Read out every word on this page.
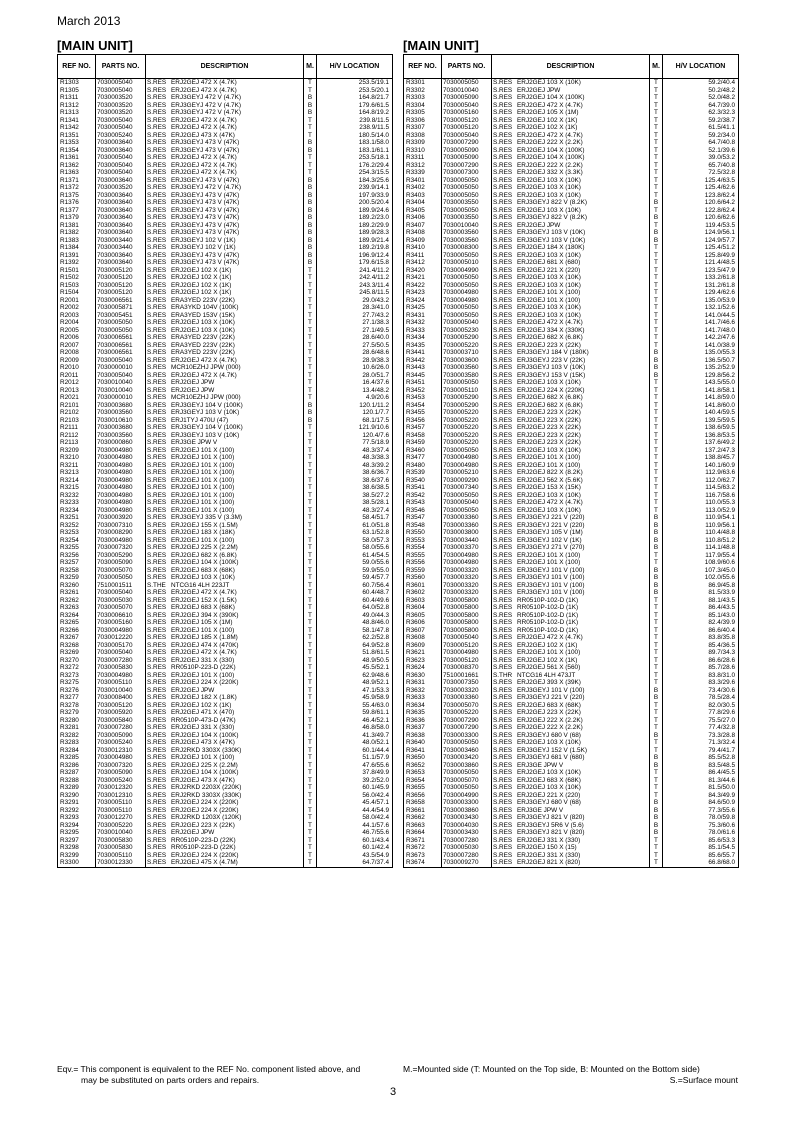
March 2013
[MAIN UNIT]
REF NO.	PARTS NO.	DESCRIPTION	M.	H/V LOCATION
R1303	7030005040	S.RES ERJ2GEJ 472 X (4.7K)	T	253.5/19.1
R1305	7030005040	S.RES ERJ2GEJ 472 X (4.7K)	T	253.5/20.1
R1311	7030003520	S.RES ERJ3GEYJ 472 V (4.7K)	B	164.8/21.7
R1312	7030003520	S.RES ERJ3GEYJ 472 V (4.7K)	B	179.6/61.5
R1313	7030003520	S.RES ERJ3GEYJ 472 V (4.7K)	B	164.8/19.2
R1341	7030005040	S.RES ERJ2GEJ 472 X (4.7K)	T	239.8/11.5
R1342	7030005040	S.RES ERJ2GEJ 472 X (4.7K)	T	238.9/11.5
R1351	7030005240	S.RES ERJ2GEJ 473 X (47K)	T	180.5/14.0
R1353	7030003640	S.RES ERJ3GEYJ 473 V (47K)	B	183.1/58.0
R1354	7030003640	S.RES ERJ3GEYJ 473 V (47K)	B	183.1/61.1
R1361	7030005040	S.RES ERJ2GEJ 472 X (4.7K)	T	253.5/18.1
R1362	7030005040	S.RES ERJ2GEJ 472 X (4.7K)	T	176.2/29.4
R1363	7030005040	S.RES ERJ2GEJ 472 X (4.7K)	T	254.3/15.5
R1371	7030003640	S.RES ERJ3GEYJ 473 V (47K)	B	184.3/25.6
R1372	7030003520	S.RES ERJ3GEYJ 472 V (4.7K)	B	239.9/14.1
R1375	7030003640	S.RES ERJ3GEYJ 473 V (47K)	B	197.9/33.9
R1376	7030003640	S.RES ERJ3GEYJ 473 V (47K)	B	200.5/20.4
R1377	7030003640	S.RES ERJ3GEYJ 473 V (47K)	B	189.9/24.6
R1379	7030003640	S.RES ERJ3GEYJ 473 V (47K)	B	189.2/23.0
R1381	7030003640	S.RES ERJ3GEYJ 473 V (47K)	B	189.2/29.9
R1382	7030003640	S.RES ERJ3GEYJ 473 V (47K)	B	189.9/28.3
R1383	7030003440	S.RES ERJ3GEYJ 102 V (1K)	B	189.9/21.4
R1384	7030003440	S.RES ERJ3GEYJ 102 V (1K)	B	189.2/19.8
R1391	7030003640	S.RES ERJ3GEYJ 473 V (47K)	B	196.9/12.4
R1392	7030003640	S.RES ERJ3GEYJ 473 V (47K)	B	179.6/15.8
R1501	7030005120	S.RES ERJ2GEJ 102 X (1K)	T	241.4/11.2
R1502	7030005120	S.RES ERJ2GEJ 102 X (1K)	T	242.4/11.2
R1503	7030005120	S.RES ERJ2GEJ 102 X (1K)	T	243.3/11.4
R1504	7030005120	S.RES ERJ2GEJ 102 X (1K)	T	245.8/11.5
R2001	7030006561	S.RES ERA3YED 223V (22K)	T	29.0/43.2
R2002	7030005871	S.RES ERA3YKD 104V (100K)	T	28.3/41.0
R2003	7030005451	S.RES ERA3YED 153V (15K)	T	27.7/43.2
R2004	7030005050	S.RES ERJ2GEJ 103 X (10K)	T	27.1/38.3
R2005	7030005050	S.RES ERJ2GEJ 103 X (10K)	T	27.1/49.5
R2006	7030006561	S.RES ERA3YED 223V (22K)	T	28.6/40.0
R2007	7030006561	S.RES ERA3YED 223V (22K)	T	27.5/50.5
R2008	7030006561	S.RES ERA3YED 223V (22K)	T	28.6/48.6
R2009	7030005040	S.RES ERJ2GEJ 472 X (4.7K)	T	28.9/38.3
R2010	7030000010	S.RES MCR10EZHJ JPW (000)	T	10.6/26.0
R2011	7030005040	S.RES ERJ2GEJ 472 X (4.7K)	T	28.0/51.7
R2012	7030010040	S.RES ERJ2GEJ JPW	T	16.4/37.6
R2013	7030010040	S.RES ERJ2GEJ JPW	T	13.4/48.2
R2021	7030000010	S.RES MCR10EZHJ JPW (000)	T	4.9/20.6
R2101	7030003680	S.RES ERJ3GEYJ 104 V (100K)	B	120.1/11.2
R2102	7030003560	S.RES ERJ3GEYJ 103 V (10K)	B	120.1/7.7
R2103	7030010610	S.RES ERJ1TYJ 470U (47)	B	68.1/17.5
R2111	7030003680	S.RES ERJ3GEYJ 104 V (100K)	T	121.9/10.6
R2112	7030003560	S.RES ERJ3GEYJ 103 V (10K)	T	120.4/7.6
R2113	7030000860	S.RES ERJ3GE JPW V	T	77.5/18.9
R3209	7030004980	S.RES ERJ2GEJ 101 X (100)	T	48.3/37.4
R3210	7030004980	S.RES ERJ2GEJ 101 X (100)	T	48.3/38.3
R3211	7030004980	S.RES ERJ2GEJ 101 X (100)	T	48.3/39.2
R3213	7030004980	S.RES ERJ2GEJ 101 X (100)	T	38.6/36.7
R3214	7030004980	S.RES ERJ2GEJ 101 X (100)	T	38.6/37.6
R3215	7030004980	S.RES ERJ2GEJ 101 X (100)	T	38.6/38.5
R3232	7030004980	S.RES ERJ2GEJ 101 X (100)	T	38.5/27.2
R3233	7030004980	S.RES ERJ2GEJ 101 X (100)	T	38.5/28.1
R3234	7030004980	S.RES ERJ2GEJ 101 X (100)	T	48.3/27.4
R3251	7030003920	S.RES ERJ3GEYJ 335 V (3.3M)	T	58.4/51.7
R3252	7030007310	S.RES ERJ2GEJ 155 X (1.5M)	T	61.0/51.8
R3253	7030008290	S.RES ERJ2GEJ 183 X (18K)	T	63.1/52.8
R3254	7030004980	S.RES ERJ2GEJ 101 X (100)	T	58.0/57.3
R3255	7030007320	S.RES ERJ2GEJ 225 X (2.2M)	T	58.0/55.6
R3256	7030005290	S.RES ERJ2GEJ 682 X (6.8K)	T	61.4/54.5
R3257	7030005090	S.RES ERJ2GEJ 104 X (100K)	T	59.0/55.6
R3258	7030005070	S.RES ERJ2GEJ 683 X (68K)	T	59.9/55.0
R3259	7030005050	S.RES ERJ2GEJ 103 X (10K)	T	59.4/57.7
R3260	7510001511	S.THE NTCG16 4LH 223JT	T	60.7/56.4
R3261	7030005040	S.RES ERJ2GEJ 472 X (4.7K)	T	60.4/48.7
R3262	7030005030	S.RES ERJ2GEJ 152 X (1.5K)	T	60.4/49.6
R3263	7030005070	S.RES ERJ2GEJ 683 X (68K)	T	64.0/52.8
R3264	7030006610	S.RES ERJ2GEJ 394 X (390K)	T	49.0/44.3
R3265	7030005160	S.RES ERJ2GEJ 105 X (1M)	T	48.8/46.0
R3266	7030004980	S.RES ERJ2GEJ 101 X (100)	T	58.1/47.8
R3267	7030012220	S.RES ERJ2GEJ 185 X (1.8M)	T	62.2/52.8
R3268	7030005170	S.RES ERJ2GEJ 474 X (470K)	T	64.9/52.8
R3269	7030005040	S.RES ERJ2GEJ 472 X (4.7K)	T	51.8/61.5
R3270	7030007280	S.RES ERJ2GEJ 331 X (330)	T	48.9/50.5
R3272	7030005830	S.RES RR0510P-223-D (22K)	T	45.5/52.1
R3273	7030004980	S.RES ERJ2GEJ 101 X (100)	T	62.9/48.6
R3275	7030005110	S.RES ERJ2GEJ 224 X (220K)	T	48.9/52.1
R3276	7030010040	S.RES ERJ2GEJ JPW	T	47.1/53.3
R3277	7030008400	S.RES ERJ2GEJ 182 X (1.8K)	T	45.9/58.9
R3278	7030005120	S.RES ERJ2GEJ 102 X (1K)	T	55.4/63.0
R3279	7030005920	S.RES ERJ2GEJ 471 X (470)	T	59.8/61.1
R3280	7030005840	S.RES RR0510P-473-D (47K)	T	46.4/52.1
R3281	7030007280	S.RES ERJ2GEJ 331 X (330)	T	46.8/58.0
R3282	7030005090	S.RES ERJ2GEJ 104 X (100K)	T	41.3/49.7
R3283	7030005240	S.RES ERJ2GEJ 473 X (47K)	T	48.0/52.1
R3284	7030012310	S.RES ERJ2RKD 3303X (330K)	T	60.1/44.4
R3285	7030004980	S.RES ERJ2GEJ 101 X (100)	T	51.1/57.9
R3286	7030007320	S.RES ERJ2GEJ 225 X (2.2M)	T	47.6/55.6
R3287	7030005090	S.RES ERJ2GEJ 104 X (100K)	T	37.8/49.9
R3288	7030005240	S.RES ERJ2GEJ 473 X (47K)	T	39.2/52.0
R3289	7030012320	S.RES ERJ2RKD 2203X (220K)	T	60.1/45.9
R3290	7030012310	S.RES ERJ2RKD 3303X (330K)	T	56.0/42.4
R3291	7030005110	S.RES ERJ2GEJ 224 X (220K)	T	45.4/57.1
R3292	7030005110	S.RES ERJ2GEJ 224 X (220K)	T	44.4/54.9
R3293	7030012270	S.RES ERJ2RKD 1203X (120K)	T	58.0/42.4
R3294	7030005220	S.RES ERJ2GEJ 223 X (22K)	T	44.1/57.6
R3295	7030010040	S.RES ERJ2GEJ JPW	T	46.7/55.6
R3297	7030005830	S.RES RR0510P-223-D (22K)	T	60.1/43.4
R3298	7030005830	S.RES RR0510P-223-D (22K)	T	60.1/42.4
R3299	7030005110	S.RES ERJ2GEJ 224 X (220K)	T	43.5/54.9
R3300	7030012330	S.RES ERJ2GEJ 475 X (4.7M)	T	64.7/37.4
[MAIN UNIT]
REF NO.	PARTS NO.	DESCRIPTION	M.	H/V LOCATION
R3301	7030005050	S.RES ERJ2GEJ 103 X (10K)	T	59.2/40.4
R3302	7030010040	S.RES ERJ2GEJ JPW	T	50.2/48.2
R3303	7030005090	S.RES ERJ2GEJ 104 X (100K)	T	52.0/48.2
R3304	7030005040	S.RES ERJ2GEJ 472 X (4.7K)	T	64.7/39.0
R3305	7030005160	S.RES ERJ2GEJ 105 X (1M)	T	62.3/32.3
R3306	7030005120	S.RES ERJ2GEJ 102 X (1K)	T	59.2/38.7
R3307	7030005120	S.RES ERJ2GEJ 102 X (1K)	T	61.5/41.1
R3308	7030005040	S.RES ERJ2GEJ 472 X (4.7K)	T	59.2/34.0
R3309	7030007290	S.RES ERJ2GEJ 222 X (2.2K)	T	64.7/40.8
R3310	7030005090	S.RES ERJ2GEJ 104 X (100K)	T	52.1/39.6
R3311	7030005090	S.RES ERJ2GEJ 104 X (100K)	T	39.0/53.2
R3312	7030007290	S.RES ERJ2GEJ 222 X (2.2K)	T	65.7/40.8
R3339	7030007300	S.RES ERJ2GEJ 332 X (3.3K)	T	72.5/32.8
R3401	7030005050	S.RES ERJ2GEJ 103 X (10K)	T	125.4/63.5
R3402	7030005050	S.RES ERJ2GEJ 103 X (10K)	T	125.4/62.6
R3403	7030005050	S.RES ERJ2GEJ 103 X (10K)	T	123.8/62.4
R3404	7030003550	S.RES ERJ3GEYJ 822 V (8.2K)	B	120.6/64.2
R3405	7030005050	S.RES ERJ2GEJ 103 X (10K)	T	122.8/62.4
R3406	7030003550	S.RES ERJ3GEYJ 822 V (8.2K)	B	120.6/62.6
R3407	7030010040	S.RES ERJ2GEJ JPW	T	119.4/53.5
R3408	7030003560	S.RES ERJ3GEYJ 103 V (10K)	B	124.9/56.1
R3409	7030003560	S.RES ERJ3GEYJ 103 V (10K)	B	124.9/57.7
R3410	7030008300	S.RES ERJ2GEJ 184 X (180K)	T	125.4/51.2
R3411	7030005050	S.RES ERJ2GEJ 103 X (10K)	T	125.8/49.9
R3412	7030005010	S.RES ERJ2GEJ 681 X (680)	T	121.4/48.5
R3420	7030004990	S.RES ERJ2GEJ 221 X (220)	T	123.5/47.9
R3421	7030005050	S.RES ERJ2GEJ 103 X (10K)	T	133.2/61.8
R3422	7030005050	S.RES ERJ2GEJ 103 X (10K)	T	131.2/61.8
R3423	7030004980	S.RES ERJ2GEJ 101 X (100)	T	129.4/62.6
R3424	7030004980	S.RES ERJ2GEJ 101 X (100)	T	135.0/53.9
R3425	7030005050	S.RES ERJ2GEJ 103 X (10K)	T	132.1/52.6
R3431	7030005050	S.RES ERJ2GEJ 103 X (10K)	T	141.0/44.5
R3432	7030005040	S.RES ERJ2GEJ 472 X (4.7K)	T	141.7/46.6
R3433	7030005230	S.RES ERJ2GEJ 334 X (330K)	T	141.7/48.0
R3434	7030005290	S.RES ERJ2GEJ 682 X (6.8K)	T	142.2/47.6
R3435	7030005220	S.RES ERJ2GEJ 223 X (22K)	T	141.0/38.9
R3441	7030003710	S.RES ERJ3GEYJ 184 V (180K)	B	135.0/55.3
R3442	7030003600	S.RES ERJ3GEYJ 223 V (22K)	B	136.5/50.7
R3443	7030003560	S.RES ERJ3GEYJ 103 V (10K)	B	135.2/52.9
R3445	7030003580	S.RES ERJ3GEYJ 153 V (15K)	B	129.8/56.2
R3451	7030005050	S.RES ERJ2GEJ 103 X (10K)	T	143.5/55.0
R3452	7030005110	S.RES ERJ2GEJ 224 X (220K)	T	141.8/58.1
R3453	7030005290	S.RES ERJ2GEJ 682 X (6.8K)	T	141.8/59.0
R3454	7030005290	S.RES ERJ2GEJ 682 X (6.8K)	T	141.8/60.0
R3455	7030005220	S.RES ERJ2GEJ 223 X (22K)	T	140.4/59.5
R3456	7030005220	S.RES ERJ2GEJ 223 X (22K)	T	139.5/59.5
R3457	7030005220	S.RES ERJ2GEJ 223 X (22K)	T	138.6/59.5
R3458	7030005220	S.RES ERJ2GEJ 223 X (22K)	T	136.8/53.5
R3459	7030005220	S.RES ERJ2GEJ 223 X (22K)	T	137.6/49.2
R3460	7030005050	S.RES ERJ2GEJ 103 X (10K)	T	137.2/47.3
R3477	7030004980	S.RES ERJ2GEJ 101 X (100)	T	138.8/45.7
R3480	7030004980	S.RES ERJ2GEJ 101 X (100)	T	140.1/60.9
R3539	7030005210	S.RES ERJ2GEJ 822 X (8.2K)	T	112.9/63.6
R3540	7030009290	S.RES ERJ2GEJ 562 X (5.6K)	T	112.0/62.7
R3541	7030007340	S.RES ERJ2GEJ 153 X (15K)	T	114.5/63.2
R3542	7030005050	S.RES ERJ2GEJ 103 X (10K)	T	116.7/58.6
R3543	7030005040	S.RES ERJ2GEJ 472 X (4.7K)	T	110.0/55.3
R3546	7030005050	S.RES ERJ2GEJ 103 X (10K)	T	113.0/52.9
R3547	7030003360	S.RES ERJ3GEYJ 221 V (220)	B	110.9/54.1
R3548	7030003360	S.RES ERJ3GEYJ 221 V (220)	B	110.9/56.1
R3550	7030003800	S.RES ERJ3GEYJ 105 V (1M)	B	110.4/48.8
R3553	7030003440	S.RES ERJ3GEYJ 102 V (1K)	B	110.8/51.2
R3554	7030003370	S.RES ERJ3GEYJ 271 V (270)	B	114.1/48.8
R3555	7030004980	S.RES ERJ2GEJ 101 X (100)	T	117.9/55.4
R3556	7030004980	S.RES ERJ2GEJ 101 X (100)	T	108.9/60.6
R3559	7030003320	S.RES ERJ3GEYJ 101 V (100)	B	107.3/45.0
R3560	7030003320	S.RES ERJ3GEYJ 101 V (100)	B	102.0/55.6
R3601	7030003320	S.RES ERJ3GEYJ 101 V (100)	B	86.9/45.8
R3602	7030003320	S.RES ERJ3GEYJ 101 V (100)	B	81.5/33.9
R3603	7030005800	S.RES RR0510P-102-D (1K)	T	88.1/43.5
R3604	7030005800	S.RES RR0510P-102-D (1K)	T	86.4/43.5
R3605	7030005800	S.RES RR0510P-102-D (1K)	T	85.1/43.0
R3606	7030005800	S.RES RR0510P-102-D (1K)	T	82.4/39.9
R3607	7030005800	S.RES RR0510P-102-D (1K)	T	86.6/40.4
R3608	7030005040	S.RES ERJ2GEJ 472 X (4.7K)	T	83.8/35.8
R3609	7030005120	S.RES ERJ2GEJ 102 X (1K)	T	85.4/36.5
R3621	7030004980	S.RES ERJ2GEJ 101 X (100)	T	89.7/34.3
R3623	7030005120	S.RES ERJ2GEJ 102 X (1K)	T	86.6/28.6
R3624	7030008370	S.RES ERJ2GEJ 561 X (560)	T	85.7/28.6
R3630	7510001661	S.THR NTCG16 4LH 473JT	T	83.8/31.0
R3631	7030007350	S.RES ERJ2GEJ 393 X (39K)	T	83.3/29.6
R3632	7030003320	S.RES ERJ3GEYJ 101 V (100)	B	73.4/30.6
R3633	7030003360	S.RES ERJ3GEYJ 221 V (220)	B	78.5/28.4
R3634	7030005070	S.RES ERJ2GEJ 683 X (68K)	T	82.0/30.5
R3635	7030005220	S.RES ERJ2GEJ 223 X (22K)	T	77.8/29.6
R3636	7030007290	S.RES ERJ2GEJ 222 X (2.2K)	T	75.5/27.0
R3637	7030007290	S.RES ERJ2GEJ 222 X (2.2K)	T	77.4/32.8
R3638	7030003300	S.RES ERJ3GEYJ 680 V (68)	B	73.3/28.8
R3640	7030005050	S.RES ERJ2GEJ 103 X (10K)	T	71.3/32.4
R3641	7030003460	S.RES ERJ3GEYJ 152 V (1.5K)	T	79.4/41.7
R3650	7030003420	S.RES ERJ3GEYJ 681 V (680)	B	85.5/52.8
R3652	7030003860	S.RES ERJ3GE JPW V	B	83.5/48.5
R3653	7030005050	S.RES ERJ2GEJ 103 X (10K)	T	86.4/45.5
R3654	7030005070	S.RES ERJ2GEJ 683 X (68K)	T	81.3/44.6
R3655	7030005050	S.RES ERJ2GEJ 103 X (10K)	T	81.5/50.0
R3656	7030004990	S.RES ERJ2GEJ 221 X (220)	T	84.3/49.9
R3658	7030003300	S.RES ERJ3GEYJ 680 V (68)	B	84.6/50.9
R3661	7030003860	S.RES ERJ3GE JPW V	B	77.3/55.6
R3662	7030003430	S.RES ERJ3GEYJ 821 V (820)	B	78.0/59.8
R3663	7030004030	S.RES ERJ3GEYJ 5R6 V (5.6)	B	75.3/60.6
R3664	7030003430	S.RES ERJ3GEYJ 821 V (820)	B	78.0/61.6
R3671	7030007280	S.RES ERJ2GEJ 331 X (330)	T	85.6/53.3
R3672	7030005030	S.RES ERJ2GEJ 150 X (15)	T	85.1/54.5
R3673	7030007280	S.RES ERJ2GEJ 331 X (330)	T	85.6/55.7
R3674	7030009270	S.RES ERJ2GEJ 821 X (820)	T	66.8/68.0
Eqv.= This component is equivalent to the REF No. component listed above, and
may be substituted on parts orders and repairs.
M.=Mounted side (T: Mounted on the Top side, B: Mounted on the Bottom side)
S.=Surface mount
3
